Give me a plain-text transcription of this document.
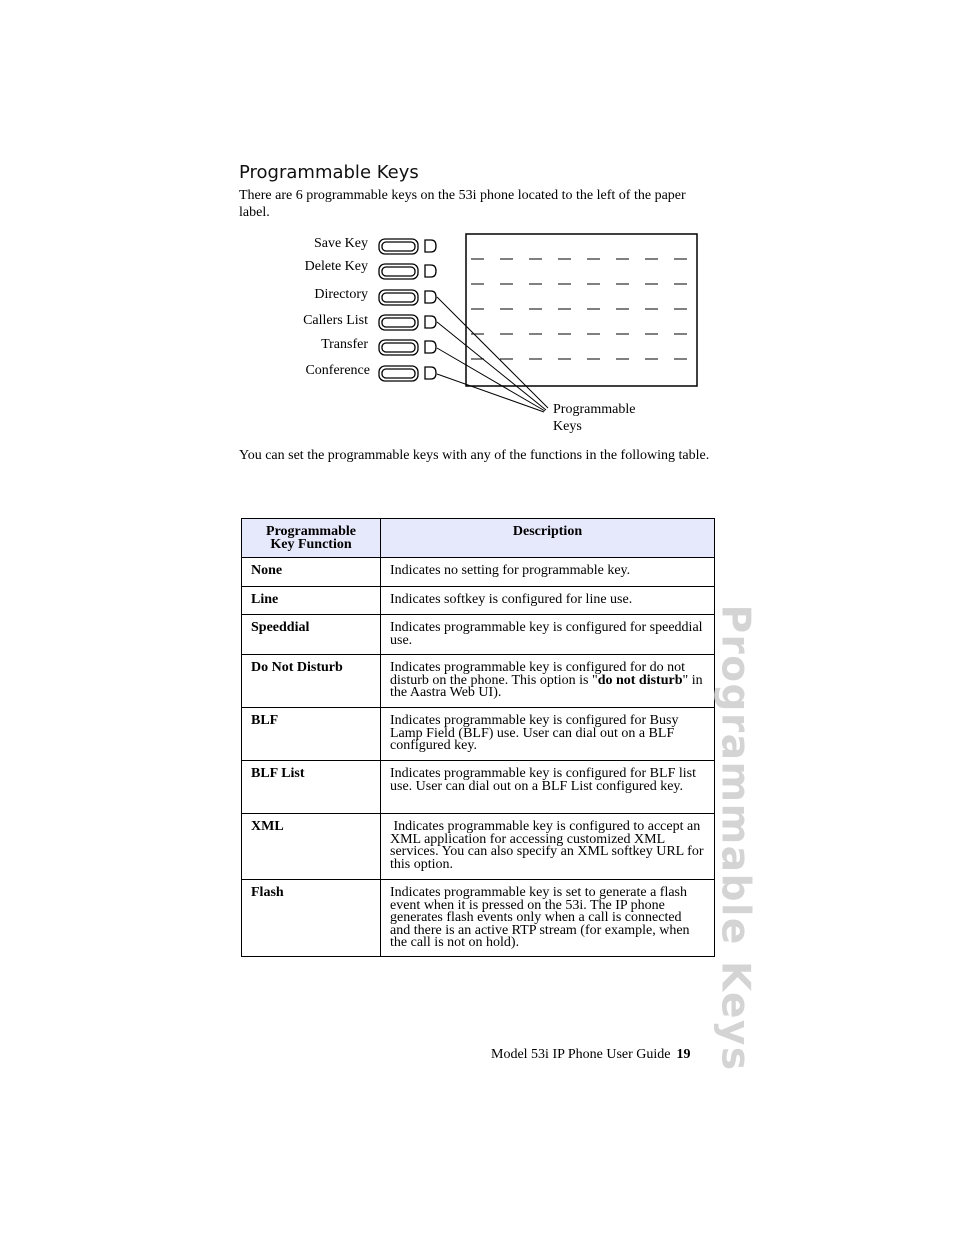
Programmable Keys

There are 6 programmable keys on the 53i phone located to the left of the paper label.

Save Key
Delete Key
Directory
Callers List
Transfer
Conference
Programmable
Keys

You can set the programmable keys with any of the functions in the following table.

Programmable
Key Function	Description
None	Indicates no setting for programmable key.
Line	Indicates softkey is configured for line use.
Speeddial	Indicates programmable key is configured for speeddial use.
Do Not Disturb	Indicates programmable key is configured for do not disturb on the phone. This option is "do not disturb" in the Aastra Web UI).
BLF	Indicates programmable key is configured for Busy Lamp Field (BLF) use. User can dial out on a BLF configured key.
BLF List	Indicates programmable key is configured for BLF list use. User can dial out on a BLF List configured key.
XML	Indicates programmable key is configured to accept an XML application for accessing customized XML services. You can also specify an XML softkey URL for this option.
Flash	Indicates programmable key is set to generate a flash event when it is pressed on the 53i. The IP phone generates flash events only when a call is connected and there is an active RTP stream (for example, when the call is not on hold).	Programmable Keys
Model 53i IP Phone User Guide 19
